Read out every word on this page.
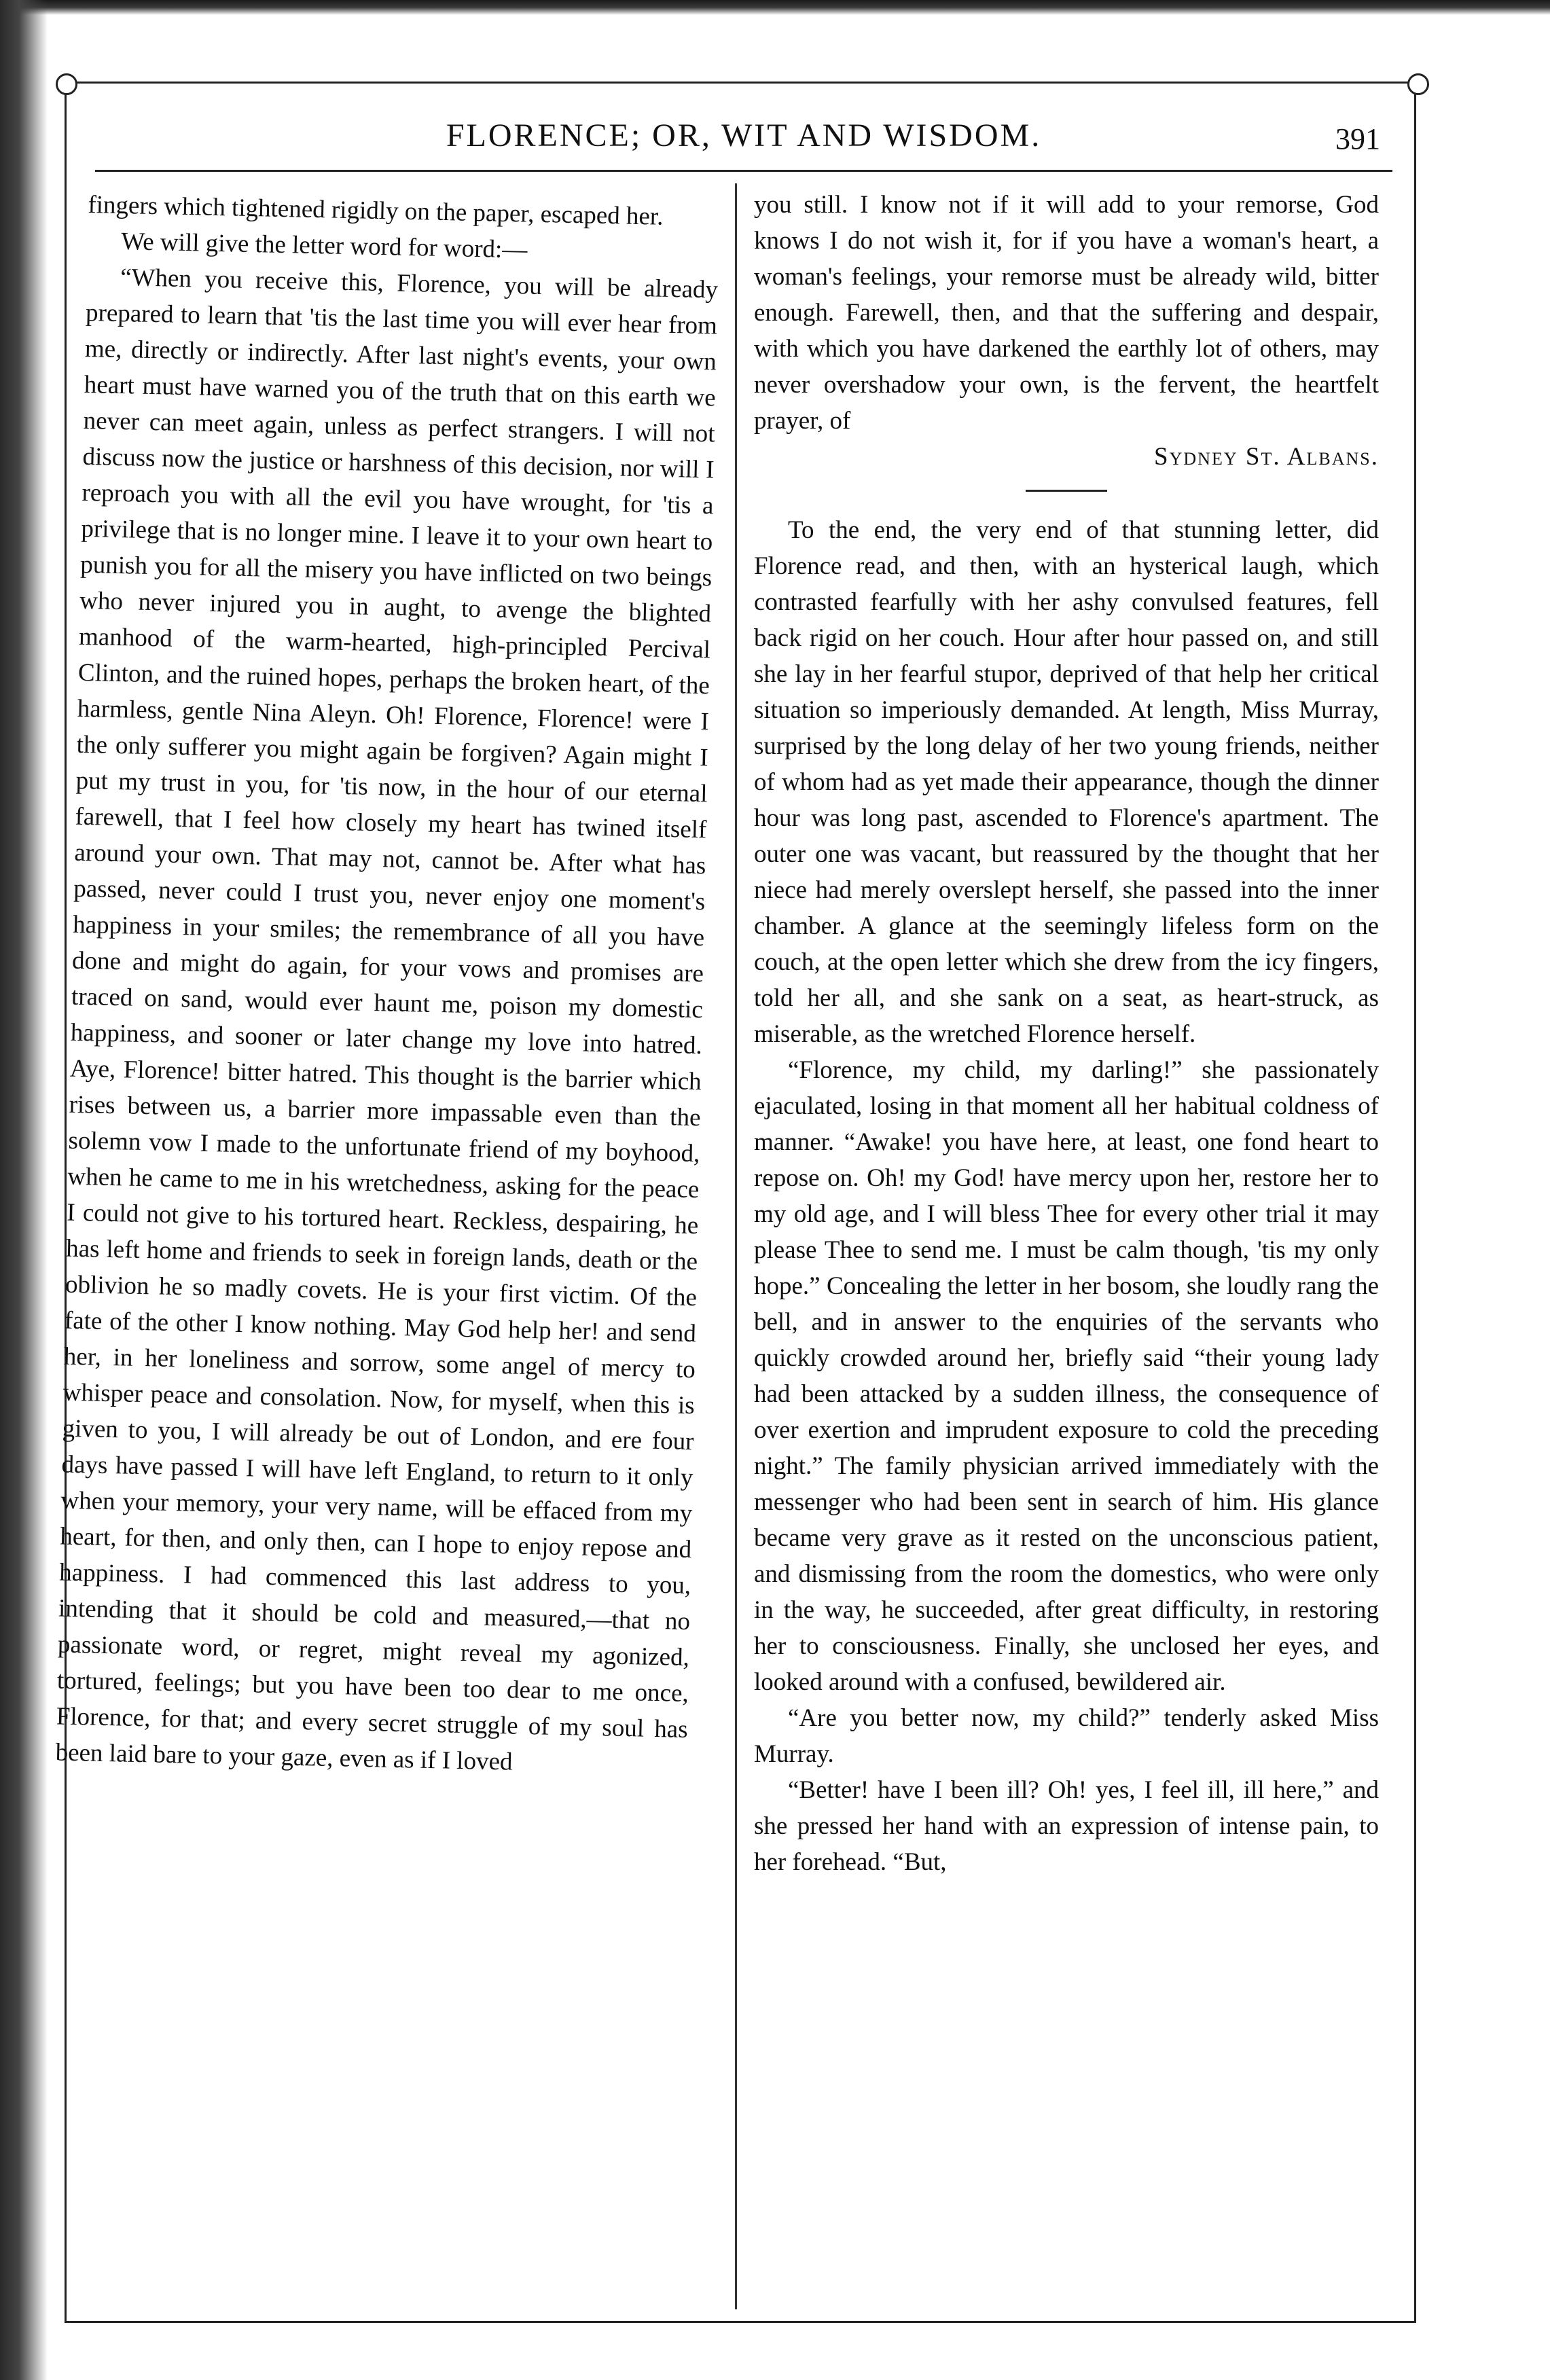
FLORENCE; OR, WIT AND WISDOM.	391

fingers which tightened rigidly on the paper, escaped her.

We will give the letter word for word:—

“When you receive this, Florence, you will be already prepared to learn that 'tis the last time you will ever hear from me, directly or indirectly. After last night's events, your own heart must have warned you of the truth that on this earth we never can meet again, unless as perfect strangers. I will not discuss now the justice or harshness of this decision, nor will I reproach you with all the evil you have wrought, for 'tis a privilege that is no longer mine. I leave it to your own heart to punish you for all the misery you have inflicted on two beings who never injured you in aught, to avenge the blighted manhood of the warm-hearted, high-principled Percival Clinton, and the ruined hopes, perhaps the broken heart, of the harmless, gentle Nina Aleyn. Oh! Florence, Florence! were I the only sufferer you might again be forgiven? Again might I put my trust in you, for 'tis now, in the hour of our eternal farewell, that I feel how closely my heart has twined itself around your own. That may not, cannot be. After what has passed, never could I trust you, never enjoy one moment's happiness in your smiles; the remembrance of all you have done and might do again, for your vows and promises are traced on sand, would ever haunt me, poison my domestic happiness, and sooner or later change my love into hatred. Aye, Florence! bitter hatred. This thought is the barrier which rises between us, a barrier more impassable even than the solemn vow I made to the unfortunate friend of my boyhood, when he came to me in his wretchedness, asking for the peace I could not give to his tortured heart. Reckless, despairing, he has left home and friends to seek in foreign lands, death or the oblivion he so madly covets. He is your first victim. Of the fate of the other I know nothing. May God help her! and send her, in her loneliness and sorrow, some angel of mercy to whisper peace and consolation. Now, for myself, when this is given to you, I will already be out of London, and ere four days have passed I will have left England, to return to it only when your memory, your very name, will be effaced from my heart, for then, and only then, can I hope to enjoy repose and happiness. I had commenced this last address to you, intending that it should be cold and measured,—that no passionate word, or regret, might reveal my agonized, tortured, feelings; but you have been too dear to me once, Florence, for that; and every secret struggle of my soul has been laid bare to your gaze, even as if I loved

you still. I know not if it will add to your remorse, God knows I do not wish it, for if you have a woman's heart, a woman's feelings, your remorse must be already wild, bitter enough. Farewell, then, and that the suffering and despair, with which you have darkened the earthly lot of others, may never overshadow your own, is the fervent, the heartfelt prayer, of

Sydney St. Albans.

To the end, the very end of that stunning letter, did Florence read, and then, with an hysterical laugh, which contrasted fearfully with her ashy convulsed features, fell back rigid on her couch. Hour after hour passed on, and still she lay in her fearful stupor, deprived of that help her critical situation so imperiously demanded. At length, Miss Murray, surprised by the long delay of her two young friends, neither of whom had as yet made their appearance, though the dinner hour was long past, ascended to Florence's apartment. The outer one was vacant, but reassured by the thought that her niece had merely overslept herself, she passed into the inner chamber. A glance at the seemingly lifeless form on the couch, at the open letter which she drew from the icy fingers, told her all, and she sank on a seat, as heart-struck, as miserable, as the wretched Florence herself.

“Florence, my child, my darling!” she passionately ejaculated, losing in that moment all her habitual coldness of manner. “Awake! you have here, at least, one fond heart to repose on. Oh! my God! have mercy upon her, restore her to my old age, and I will bless Thee for every other trial it may please Thee to send me. I must be calm though, 'tis my only hope.” Concealing the letter in her bosom, she loudly rang the bell, and in answer to the enquiries of the servants who quickly crowded around her, briefly said “their young lady had been attacked by a sudden illness, the consequence of over exertion and imprudent exposure to cold the preceding night.” The family physician arrived immediately with the messenger who had been sent in search of him. His glance became very grave as it rested on the unconscious patient, and dismissing from the room the domestics, who were only in the way, he succeeded, after great difficulty, in restoring her to consciousness. Finally, she unclosed her eyes, and looked around with a confused, bewildered air.

“Are you better now, my child?” tenderly asked Miss Murray.

“Better! have I been ill? Oh! yes, I feel ill, ill here,” and she pressed her hand with an expression of intense pain, to her forehead. “But,
